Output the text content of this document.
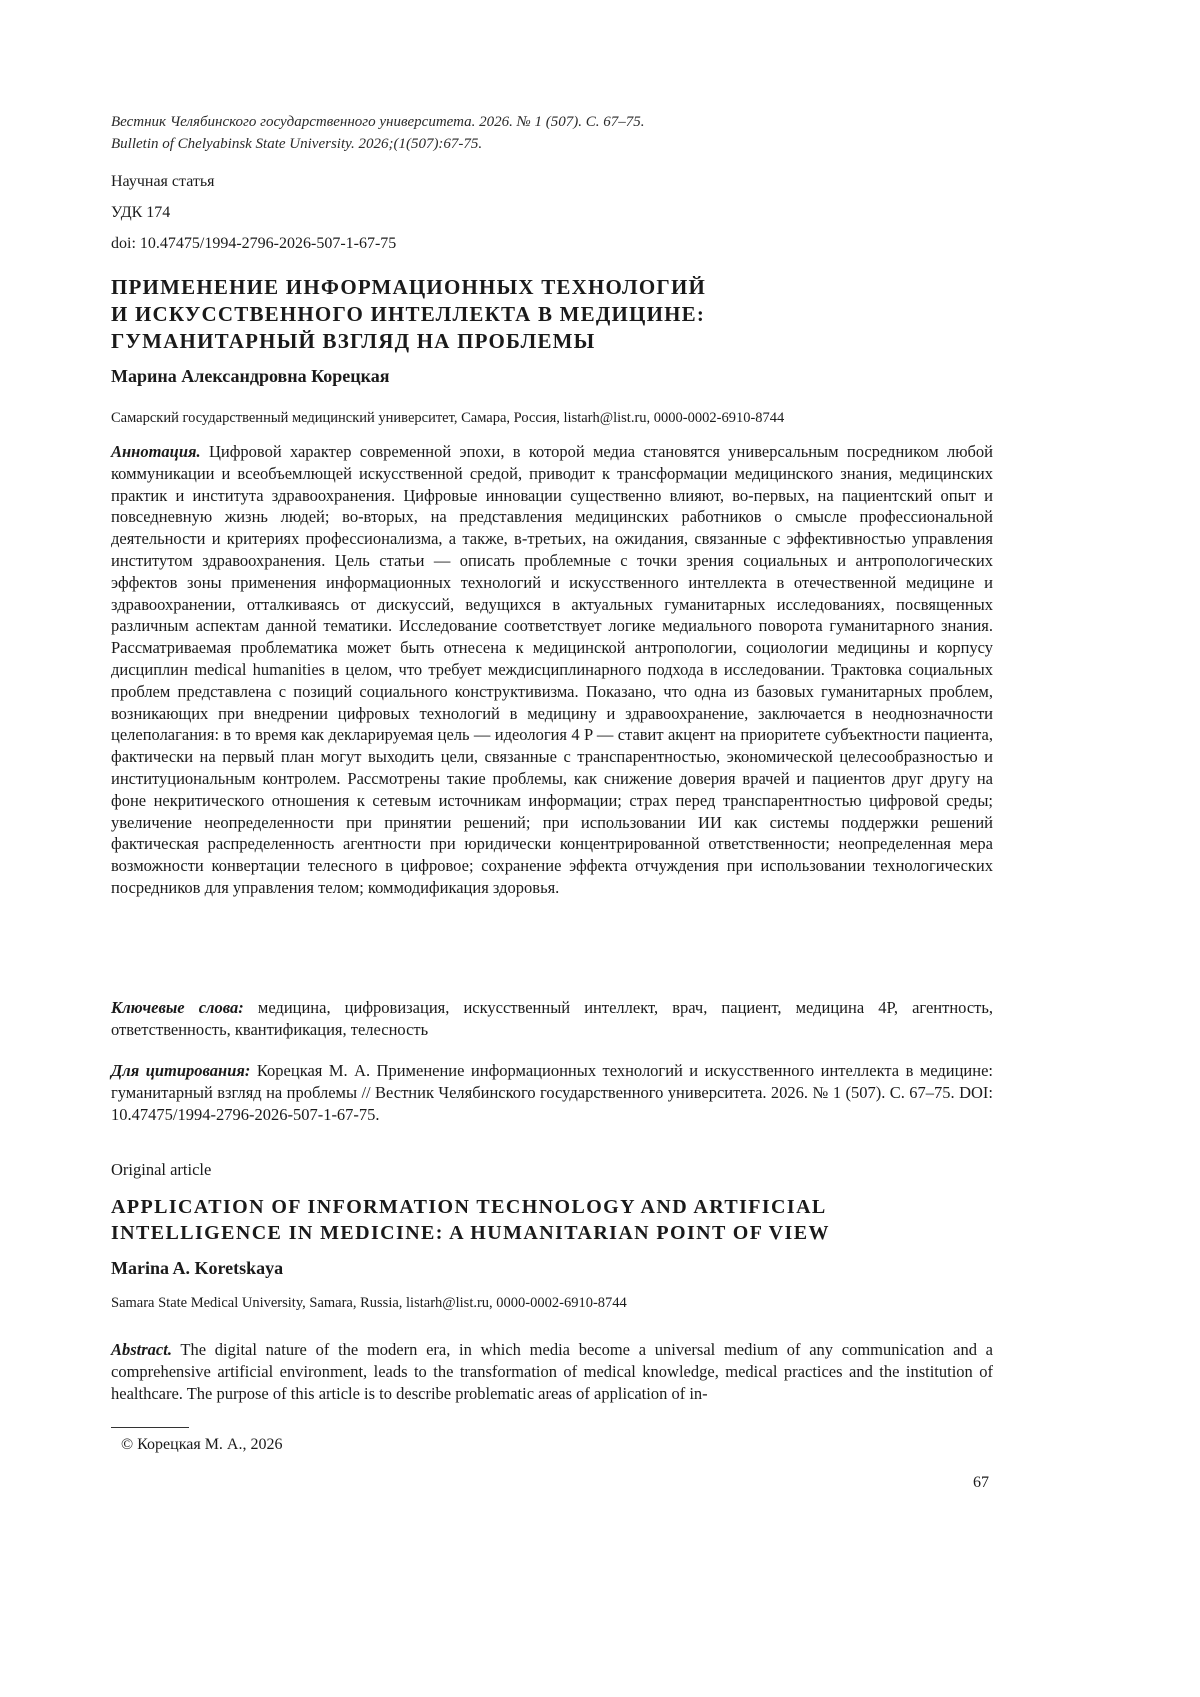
Вестник Челябинского государственного университета. 2026. № 1 (507). С. 67–75.
Bulletin of Chelyabinsk State University. 2026;(1(507):67-75.
Научная статья
УДК 174
doi: 10.47475/1994-2796-2026-507-1-67-75
ПРИМЕНЕНИЕ ИНФОРМАЦИОННЫХ ТЕХНОЛОГИЙ
И ИСКУССТВЕННОГО ИНТЕЛЛЕКТА В МЕДИЦИНЕ:
ГУМАНИТАРНЫЙ ВЗГЛЯД НА ПРОБЛЕМЫ
Марина Александровна Корецкая
Самарский государственный медицинский университет, Самара, Россия, listarh@list.ru, 0000-0002-6910-8744
Аннотация. Цифровой характер современной эпохи, в которой медиа становятся универсальным посредником любой коммуникации и всеобъемлющей искусственной средой, приводит к трансформации медицинского знания, медицинских практик и института здравоохранения. Цифровые инновации существенно влияют, во-первых, на пациентский опыт и повседневную жизнь людей; во-вторых, на представления медицинских работников о смысле профессиональной деятельности и критериях профессионализма, а также, в-третьих, на ожидания, связанные с эффективностью управления институтом здравоохранения. Цель статьи — описать проблемные с точки зрения социальных и антропологических эффектов зоны применения информационных технологий и искусственного интеллекта в отечественной медицине и здравоохранении, отталкиваясь от дискуссий, ведущихся в актуальных гуманитарных исследованиях, посвященных различным аспектам данной тематики. Исследование соответствует логике медиального поворота гуманитарного знания. Рассматриваемая проблематика может быть отнесена к медицинской антропологии, социологии медицины и корпусу дисциплин medical humanities в целом, что требует междисциплинарного подхода в исследовании. Трактовка социальных проблем представлена с позиций социального конструктивизма. Показано, что одна из базовых гуманитарных проблем, возникающих при внедрении цифровых технологий в медицину и здравоохранение, заключается в неоднозначности целеполагания: в то время как декларируемая цель — идеология 4 P — ставит акцент на приоритете субъектности пациента, фактически на первый план могут выходить цели, связанные с транспарентностью, экономической целесообразностью и институциональным контролем. Рассмотрены такие проблемы, как снижение доверия врачей и пациентов друг другу на фоне некритического отношения к сетевым источникам информации; страх перед транспарентностью цифровой среды; увеличение неопределенности при принятии решений; при использовании ИИ как системы поддержки решений фактическая распределенность агентности при юридически концентрированной ответственности; неопределенная мера возможности конвертации телесного в цифровое; сохранение эффекта отчуждения при использовании технологических посредников для управления телом; коммодификация здоровья.
Ключевые слова: медицина, цифровизация, искусственный интеллект, врач, пациент, медицина 4P, агентность, ответственность, квантификация, телесность
Для цитирования: Корецкая М. А. Применение информационных технологий и искусственного интеллекта в медицине: гуманитарный взгляд на проблемы // Вестник Челябинского государственного университета. 2026. № 1 (507). С. 67–75. DOI: 10.47475/1994-2796-2026-507-1-67-75.
Original article
APPLICATION OF INFORMATION TECHNOLOGY AND ARTIFICIAL
INTELLIGENCE IN MEDICINE: A HUMANITARIAN POINT OF VIEW
Marina A. Koretskaya
Samara State Medical University, Samara, Russia, listarh@list.ru, 0000-0002-6910-8744
Abstract. The digital nature of the modern era, in which media become a universal medium of any communication and a comprehensive artificial environment, leads to the transformation of medical knowledge, medical practices and the institution of healthcare. The purpose of this article is to describe problematic areas of application of in-
© Корецкая М. А., 2026
67
